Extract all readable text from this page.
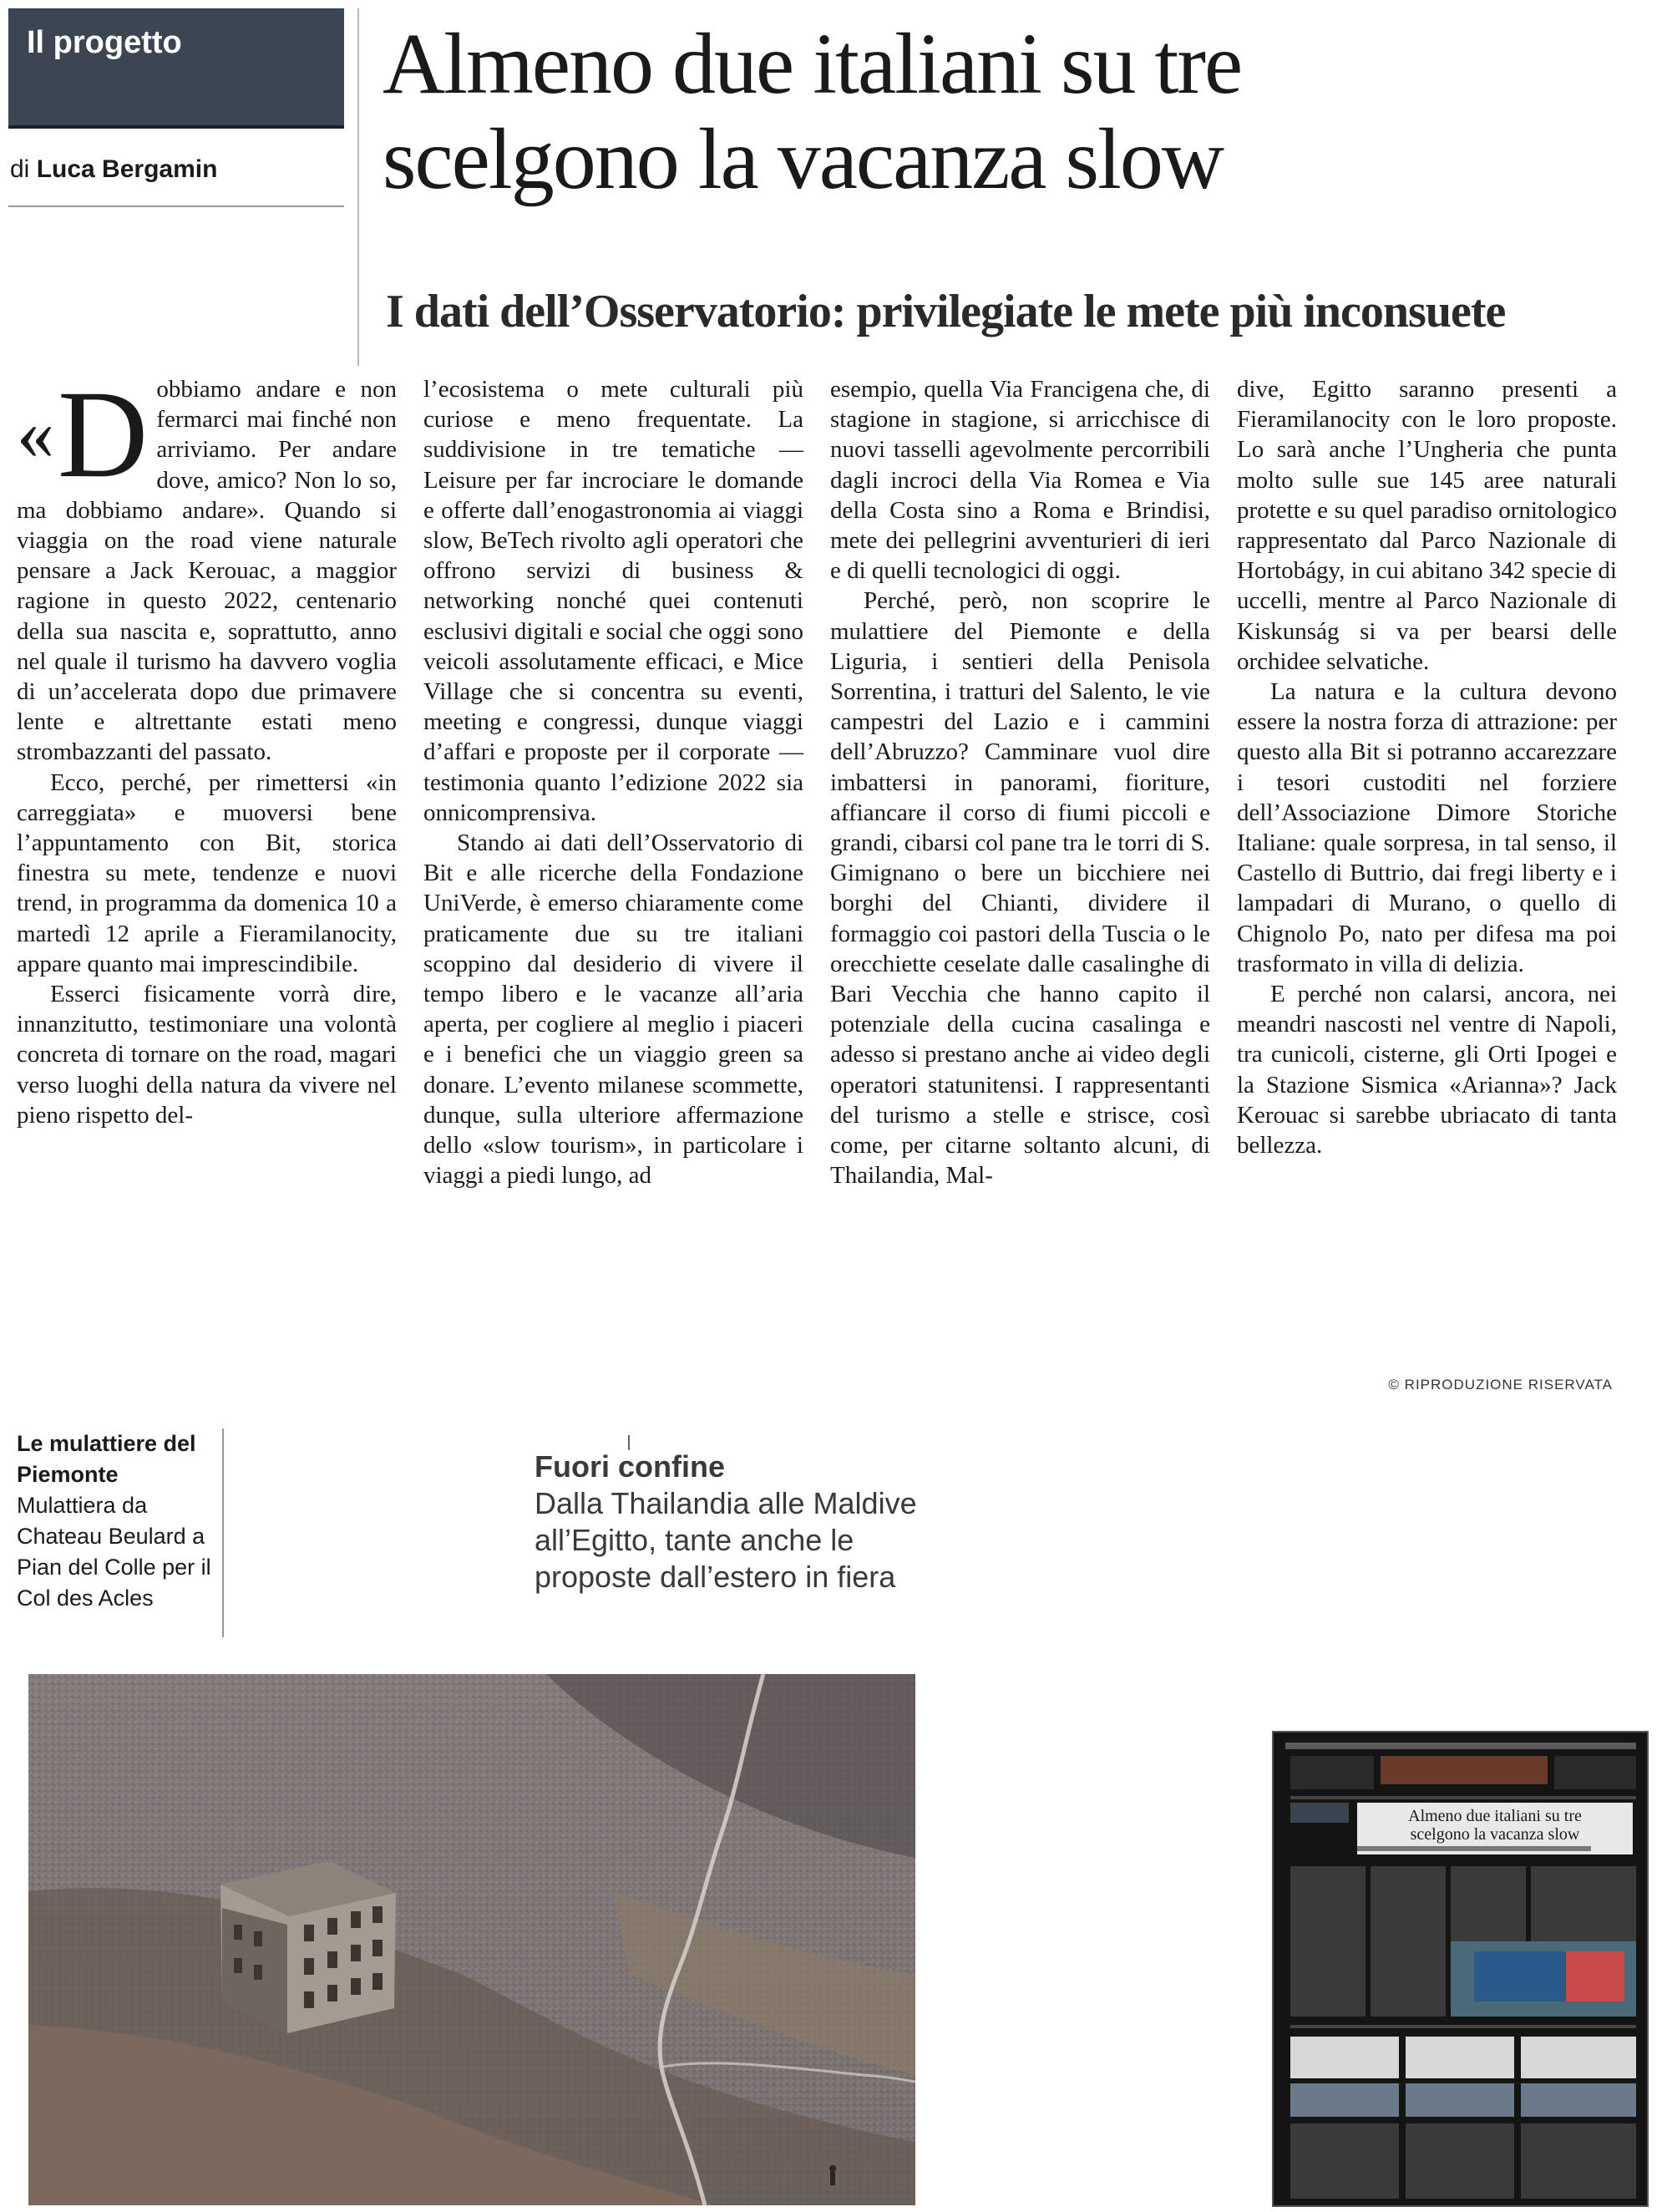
Il progetto
di Luca Bergamin
Almeno due italiani su tre
scelgono la vacanza slow
I dati dell’Osservatorio: privilegiate le mete più inconsuete

«D obbiamo andare e non fermarci mai finché non arriviamo. Per andare dove, amico? Non lo so, ma dobbiamo andare». Quando si viaggia on the road viene naturale pensare a Jack Kerouac, a maggior ragione in questo 2022, centenario della sua nascita e, soprattutto, anno nel quale il turismo ha davvero voglia di un’accelerata dopo due primavere lente e altrettante estati meno strombazzanti del passato.

Ecco, perché, per rimettersi «in carreggiata» e muoversi bene l’appuntamento con Bit, storica finestra su mete, tendenze e nuovi trend, in programma da domenica 10 a martedì 12 aprile a Fieramilanocity, appare quanto mai imprescindibile.

Esserci fisicamente vorrà dire, innanzitutto, testimoniare una volontà concreta di tornare on the road, magari verso luoghi della natura da vivere nel pieno rispetto del-

l’ecosistema o mete culturali più curiose e meno frequentate. La suddivisione in tre tematiche — Leisure per far incrociare le domande e offerte dall’enogastronomia ai viaggi slow, BeTech rivolto agli operatori che offrono servizi di business & networking nonché quei contenuti esclusivi digitali e social che oggi sono veicoli assolutamente efficaci, e Mice Village che si concentra su eventi, meeting e congressi, dunque viaggi d’affari e proposte per il corporate — testimonia quanto l’edizione 2022 sia onnicomprensiva.

Stando ai dati dell’Osservatorio di Bit e alle ricerche della Fondazione UniVerde, è emerso chiaramente come praticamente due su tre italiani scoppino dal desiderio di vivere il tempo libero e le vacanze all’aria aperta, per cogliere al meglio i piaceri e i benefici che un viaggio green sa donare. L’evento milanese scommette, dunque, sulla ulteriore affermazione dello «slow tourism», in particolare i viaggi a piedi lungo, ad

esempio, quella Via Francigena che, di stagione in stagione, si arricchisce di nuovi tasselli agevolmente percorribili dagli incroci della Via Romea e Via della Costa sino a Roma e Brindisi, mete dei pellegrini avventurieri di ieri e di quelli tecnologici di oggi.

Perché, però, non scoprire le mulattiere del Piemonte e della Liguria, i sentieri della Penisola Sorrentina, i tratturi del Salento, le vie campestri del Lazio e i cammini dell’Abruzzo? Camminare vuol dire imbattersi in panorami, fioriture, affiancare il corso di fiumi piccoli e grandi, cibarsi col pane tra le torri di S. Gimignano o bere un bicchiere nei borghi del Chianti, dividere il formaggio coi pastori della Tuscia o le orecchiette ceselate dalle casalinghe di Bari Vecchia che hanno capito il potenziale della cucina casalinga e adesso si prestano anche ai video degli operatori statunitensi. I rappresentanti del turismo a stelle e strisce, così come, per citarne soltanto alcuni, di Thailandia, Mal-

dive, Egitto saranno presenti a Fieramilanocity con le loro proposte. Lo sarà anche l’Ungheria che punta molto sulle sue 145 aree naturali protette e su quel paradiso ornitologico rappresentato dal Parco Nazionale di Hortobágy, in cui abitano 342 specie di uccelli, mentre al Parco Nazionale di Kiskunság si va per bearsi delle orchidee selvatiche.

La natura e la cultura devono essere la nostra forza di attrazione: per questo alla Bit si potranno accarezzare i tesori custoditi nel forziere dell’Associazione Dimore Storiche Italiane: quale sorpresa, in tal senso, il Castello di Buttrio, dai fregi liberty e i lampadari di Murano, o quello di Chignolo Po, nato per difesa ma poi trasformato in villa di delizia.

E perché non calarsi, ancora, nei meandri nascosti nel ventre di Napoli, tra cunicoli, cisterne, gli Orti Ipogei e la Stazione Sismica «Arianna»? Jack Kerouac si sarebbe ubriacato di tanta bellezza.

© RIPRODUZIONE RISERVATA
Le mulattiere del Piemonte
Mulattiera da Chateau Beulard a Pian del Colle per il Col des Acles
Fuori confine
Dalla Thailandia alle Maldive all’Egitto, tante anche le proposte dall’estero in fiera
Almeno due italiani su tre
scelgono la vacanza slow
